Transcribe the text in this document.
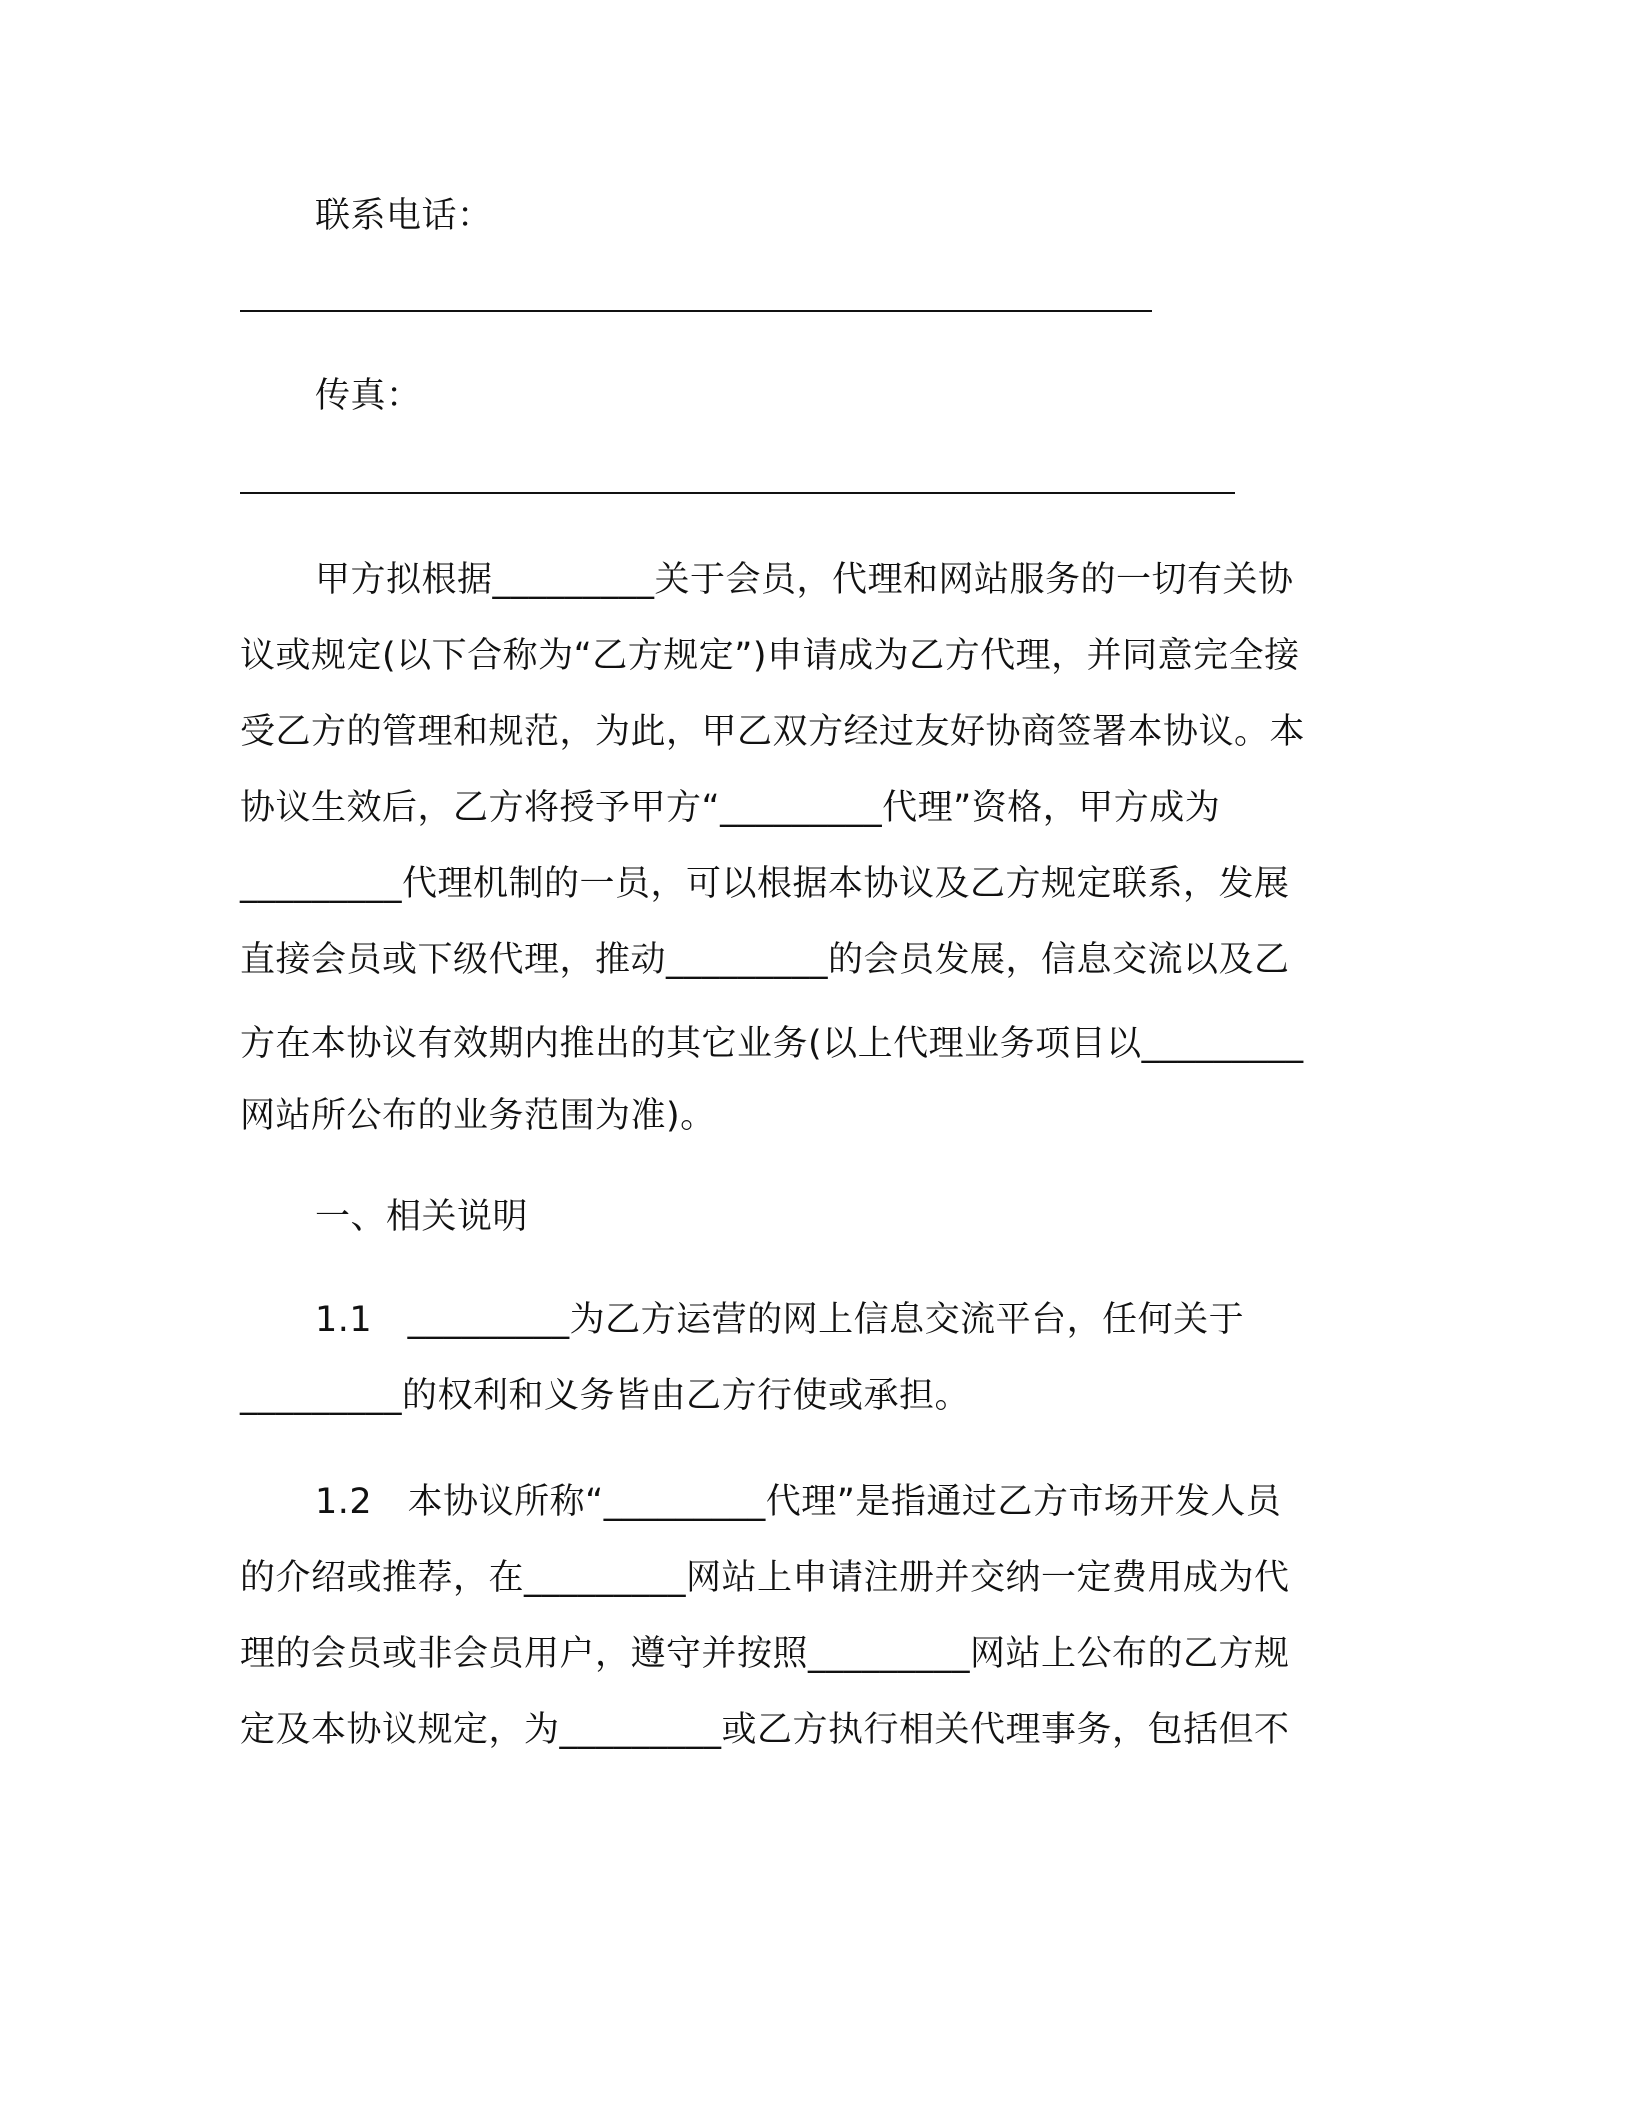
联系电话：
传真：
甲方拟根据_________关于会员，代理和网站服务的一切有关协
议或规定(以下合称为“乙方规定”)申请成为乙方代理，并同意完全接
受乙方的管理和规范，为此，甲乙双方经过友好协商签署本协议。本
协议生效后，乙方将授予甲方“_________代理”资格，甲方成为
_________代理机制的一员，可以根据本协议及乙方规定联系，发展
直接会员或下级代理，推动_________的会员发展，信息交流以及乙
方在本协议有效期内推出的其它业务(以上代理业务项目以_________
网站所公布的业务范围为准)。
一、相关说明
1.1　_________为乙方运营的网上信息交流平台，任何关于
_________的权利和义务皆由乙方行使或承担。
1.2　本协议所称“_________代理”是指通过乙方市场开发人员
的介绍或推荐，在_________网站上申请注册并交纳一定费用成为代
理的会员或非会员用户，遵守并按照_________网站上公布的乙方规
定及本协议规定，为_________或乙方执行相关代理事务，包括但不
